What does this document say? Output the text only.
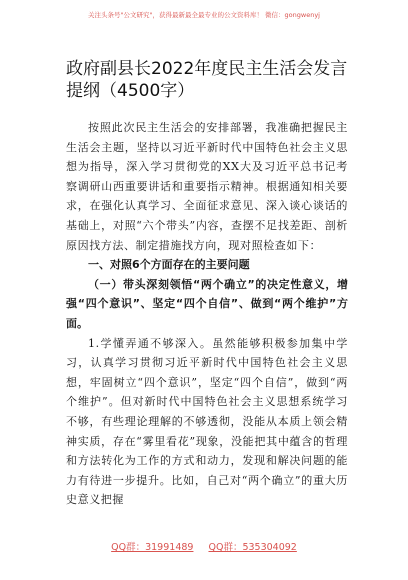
关注头条号"公文研究"，获得最新最全最专业的公文资料库！ 微信：gongwenyj
政府副县长2022年度民主生活会发言提纲（4500字）

按照此次民主生活会的安排部署，我准确把握民主生活会主题，坚持以习近平新时代中国特色社会主义思想为指导，深入学习贯彻党的XX大及习近平总书记考察调研山西重要讲话和重要指示精神。根据通知相关要求，在强化认真学习、全面征求意见、深入谈心谈话的基础上，对照“六个带头”内容，查摆不足找差距、剖析原因找方法、制定措施找方向，现对照检查如下：

一、对照6个方面存在的主要问题

（一）带头深刻领悟“两个确立”的决定性意义，增强“四个意识”、坚定“四个自信”、做到“两个维护”方面。

1.学懂弄通不够深入。虽然能够积极参加集中学习，认真学习贯彻习近平新时代中国特色社会主义思想，牢固树立“四个意识”，坚定“四个自信”，做到“两个维护”。但对新时代中国特色社会主义思想系统学习不够，有些理论理解的不够透彻，没能从本质上领会精神实质，存在“雾里看花”现象，没能把其中蕴含的哲理和方法转化为工作的方式和动力，发现和解决问题的能力有待进一步提升。比如，自己对“两个确立”的重大历史意义把握

QQ群：31991489 QQ群：535304092
